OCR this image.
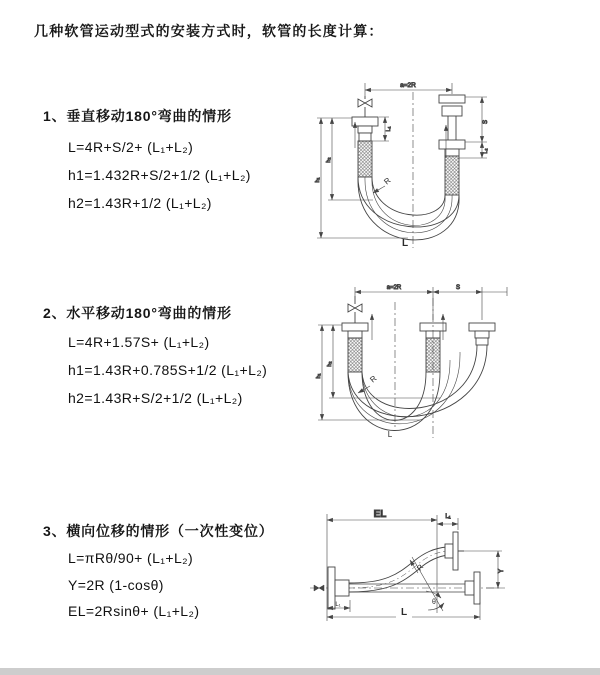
几种软管运动型式的安装方式时，软管的长度计算：
1、垂直移动180°弯曲的情形
L=4R+S/2+ (L₁+L₂)
h1=1.432R+S/2+1/2 (L₁+L₂)
h2=1.43R+1/2 (L₁+L₂)
2、水平移动180°弯曲的情形
L=4R+1.57S+ (L₁+L₂)
h1=1.43R+0.785S+1/2 (L₁+L₂)
h2=1.43R+S/2+1/2 (L₁+L₂)
3、横向位移的情形（一次性变位）
L=πRθ/90+ (L₁+L₂)
Y=2R (1-cosθ)
EL=2Rsinθ+ (L₁+L₂)
a=2R
S
L₂
L₁
h₂
h₁	R
L
a=2R	S
h₂
h₁	R
L
EL	L₁
Y
R
θ
L
L₁
